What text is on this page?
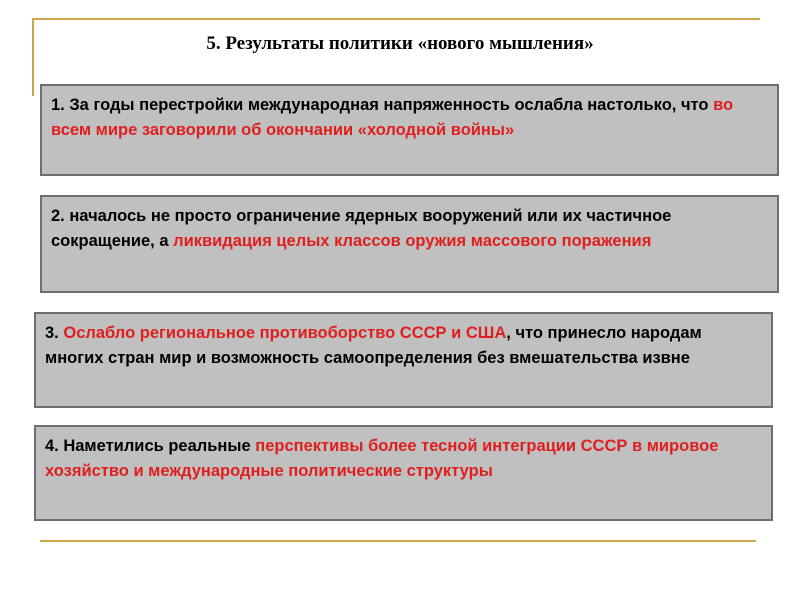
5. Результаты политики «нового мышления»
1. За годы перестройки международная напряженность ослабла настолько, что во всем мире заговорили об окончании «холодной войны»
2. началось не просто ограничение ядерных вооружений или их частичное сокращение, а ликвидация целых классов оружия массового поражения
3. Ослабло региональное противоборство СССР и США, что принесло народам многих стран мир и возможность самоопределения без вмешательства извне
4. Наметились реальные перспективы более тесной интеграции СССР в мировое хозяйство и международные политические структуры
